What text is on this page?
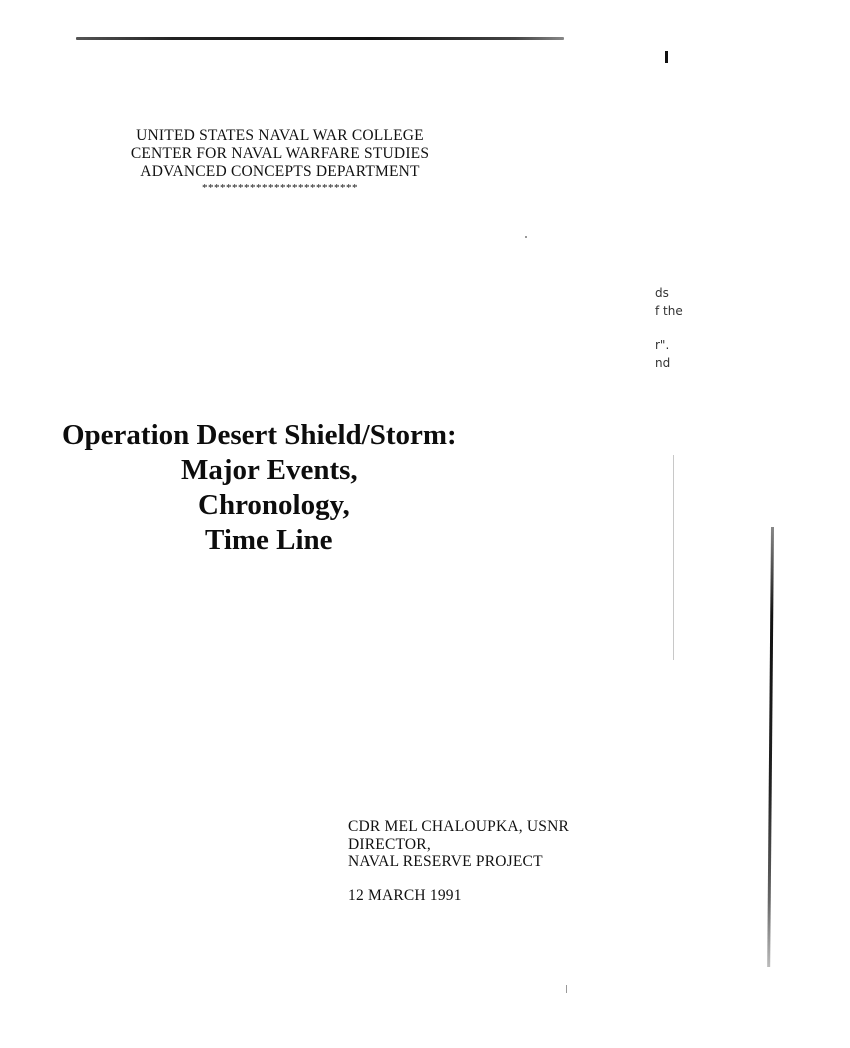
UNITED STATES NAVAL WAR COLLEGE
CENTER FOR NAVAL WARFARE STUDIES
ADVANCED CONCEPTS DEPARTMENT
**************************
ds
f the
r".
nd
Operation Desert Shield/Storm:
Major Events,
Chronology,
Time Line
CDR MEL CHALOUPKA, USNR
DIRECTOR,
NAVAL RESERVE PROJECT
12 MARCH 1991
